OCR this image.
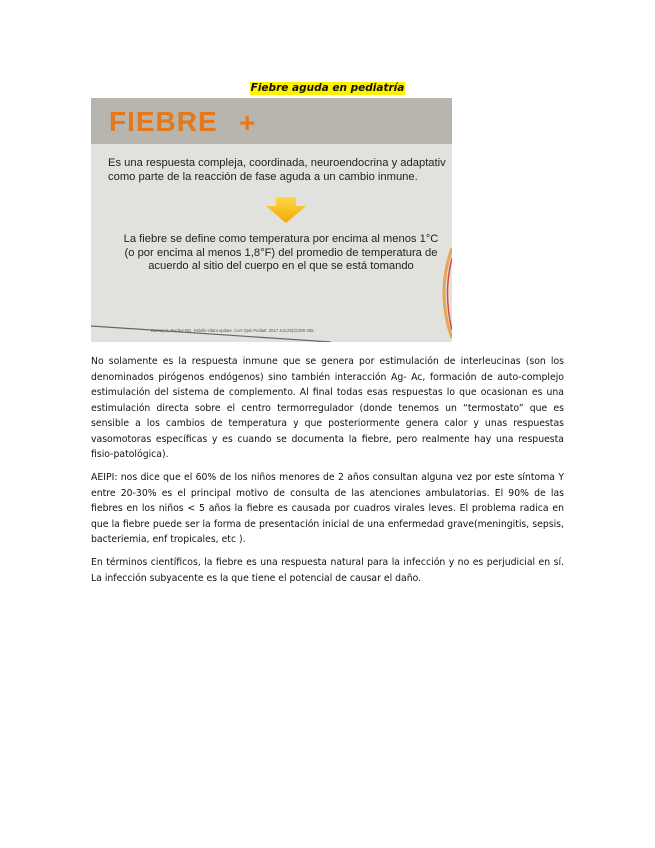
Fiebre aguda en pediatría
FIEBRE +
Es una respuesta compleja, coordinada, neuroendocrina y adaptativ
como parte de la reacción de fase aguda a un cambio inmune.
La fiebre se define como temperatura por encima al menos 1°C
(o por encima al menos 1,8°F) del promedio de temperatura de
acuerdo al sitio del cuerpo en el que se está tomando
Barney K, Bachur RG. Febrile infant update. Curr Opin Pediatr. 2017 Jun;29(3):280-285.

No solamente es la respuesta inmune que se genera por estimulación de interleucinas (son los denominados pirógenos endógenos) sino también interacción Ag- Ac, formación de auto-complejo estimulación del sistema de complemento. Al final todas esas respuestas lo que ocasionan es una estimulación directa sobre el centro termorregulador (donde tenemos un “termostato” que es sensible a los cambios de temperatura y que posteriormente genera calor y unas respuestas vasomotoras específicas y es cuando se documenta la fiebre, pero realmente hay una respuesta fisio-patológica).

AEIPI: nos dice que el 60% de los niños menores de 2 años consultan alguna vez por este síntoma Y entre 20-30% es el principal motivo de consulta de las atenciones ambulatorias. El 90% de las fiebres en los niños < 5 años la fiebre es causada por cuadros virales leves. El problema radica en que la fiebre puede ser la forma de presentación inicial de una enfermedad grave(meningitis, sepsis, bacteriemia, enf tropicales, etc ).

En términos científicos, la fiebre es una respuesta natural para la infección y no es perjudicial en sí. La infección subyacente es la que tiene el potencial de causar el daño.
